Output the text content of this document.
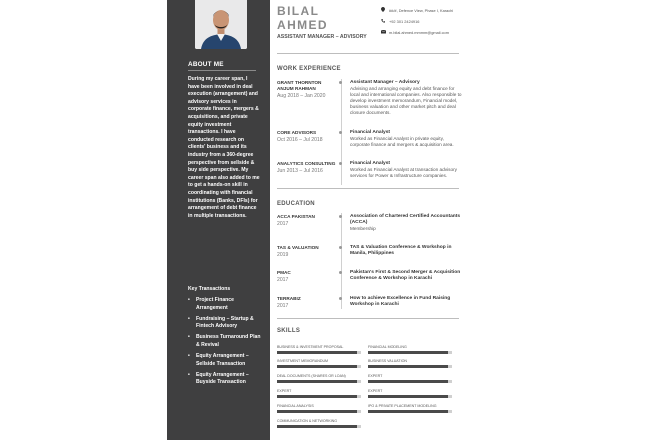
ABOUT ME

During my career span, I have been involved in deal execution (arrangement) and advisory services in corporate finance, mergers & acquisitions, and private equity investment transactions. I have conducted research on clients' business and its industry from a 360-degree perspective from sellside & buy side perspective. My career span also added to me to get a hands-on skill in coordinating with financial institutions (Banks, DFIs) for arrangement of debt finance in multiple transactions.

Key Transactions

• Project Finance Arrangement
• Fundraising – Startup & Fintech Advisory
• Business Turnaround Plan & Revival
• Equity Arrangement – Sellside Transaction
• Equity Arrangement – Buyside Transaction
BILAL
AHMED

ASSISTANT MANAGER – ADVISORY

##/#, Defence View, Phase I, Karachi
+92 301 2424916
m.bilal.ahmed.mmmm@gmail.com
WORK EXPERIENCE
GRANT THORNTON ANJUM RAHMAN
Aug 2018 – Jan 2020
Assistant Manager – Advisory
Advising and arranging equity and debt finance for local and international companies. Also responsible to develop investment memorandum, Financial model, business valuation and other market pitch and deal closure documents.
CORE ADVISORS
Oct 2016 – Jul 2018
Financial Analyst
Worked as Financial Analyst in private equity, corporate finance and mergers & acquisition area.
ANALYTICS CONSULTING
Jun 2013 – Jul 2016
Financial Analyst
Worked as Financial Analyst at transaction advisory services for Power & Infrastructure companies.
EDUCATION
ACCA PAKISTAN
2017
Association of Chartered Certified Accountants (ACCA)
Membership
TAS & VALUATION
2019
TAS & Valuation Conference & Workshop in Manila, Philippines
PMAC
2017
Pakistan's First & Second Merger & Acquisition Conference & Workshop in Karachi
TERRABIZ
2017
How to achieve Excellence in Fund Raising Workshop in Karachi
SKILLS
BUSINESS & INVESTMENT PROPOSAL	FINANCIAL MODELING
INVESTMENT MEMORANDUM	BUSINESS VALUATION
DEAL DOCUMENTS (SHARES OR LOAN)	EXPERT
EXPERT	EXPERT
FINANCIAL ANALYSIS	IPO & PRIVATE PLACEMENT MODELING
COMMUNICATION & NETWORKING
